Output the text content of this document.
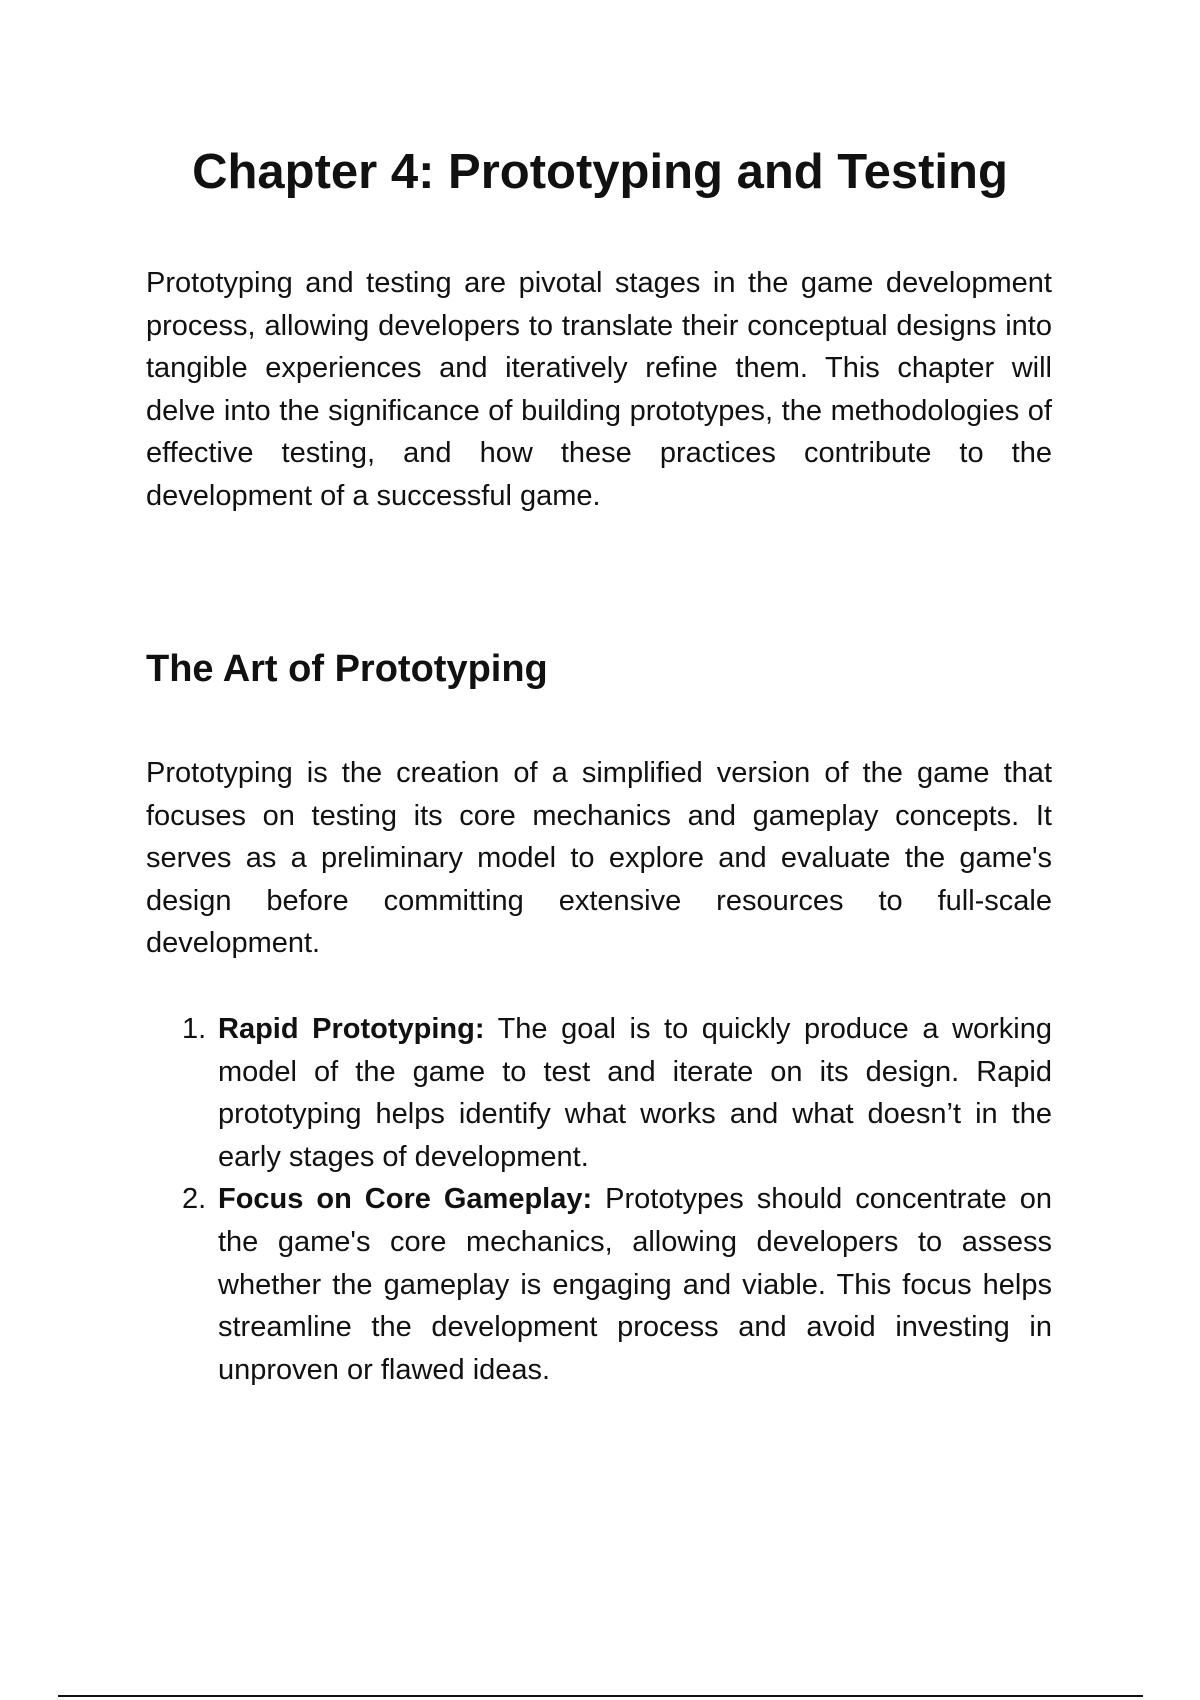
Chapter 4: Prototyping and Testing

Prototyping and testing are pivotal stages in the game development process, allowing developers to translate their conceptual designs into tangible experiences and iteratively refine them. This chapter will delve into the significance of building prototypes, the methodologies of effective testing, and how these practices contribute to the development of a successful game.

The Art of Prototyping

Prototyping is the creation of a simplified version of the game that focuses on testing its core mechanics and gameplay concepts. It serves as a preliminary model to explore and evaluate the game's design before committing extensive resources to full-scale development.

1. Rapid Prototyping: The goal is to quickly produce a working model of the game to test and iterate on its design. Rapid prototyping helps identify what works and what doesn’t in the early stages of development.
2. Focus on Core Gameplay: Prototypes should concentrate on the game's core mechanics, allowing developers to assess whether the gameplay is engaging and viable. This focus helps streamline the development process and avoid investing in unproven or flawed ideas.
